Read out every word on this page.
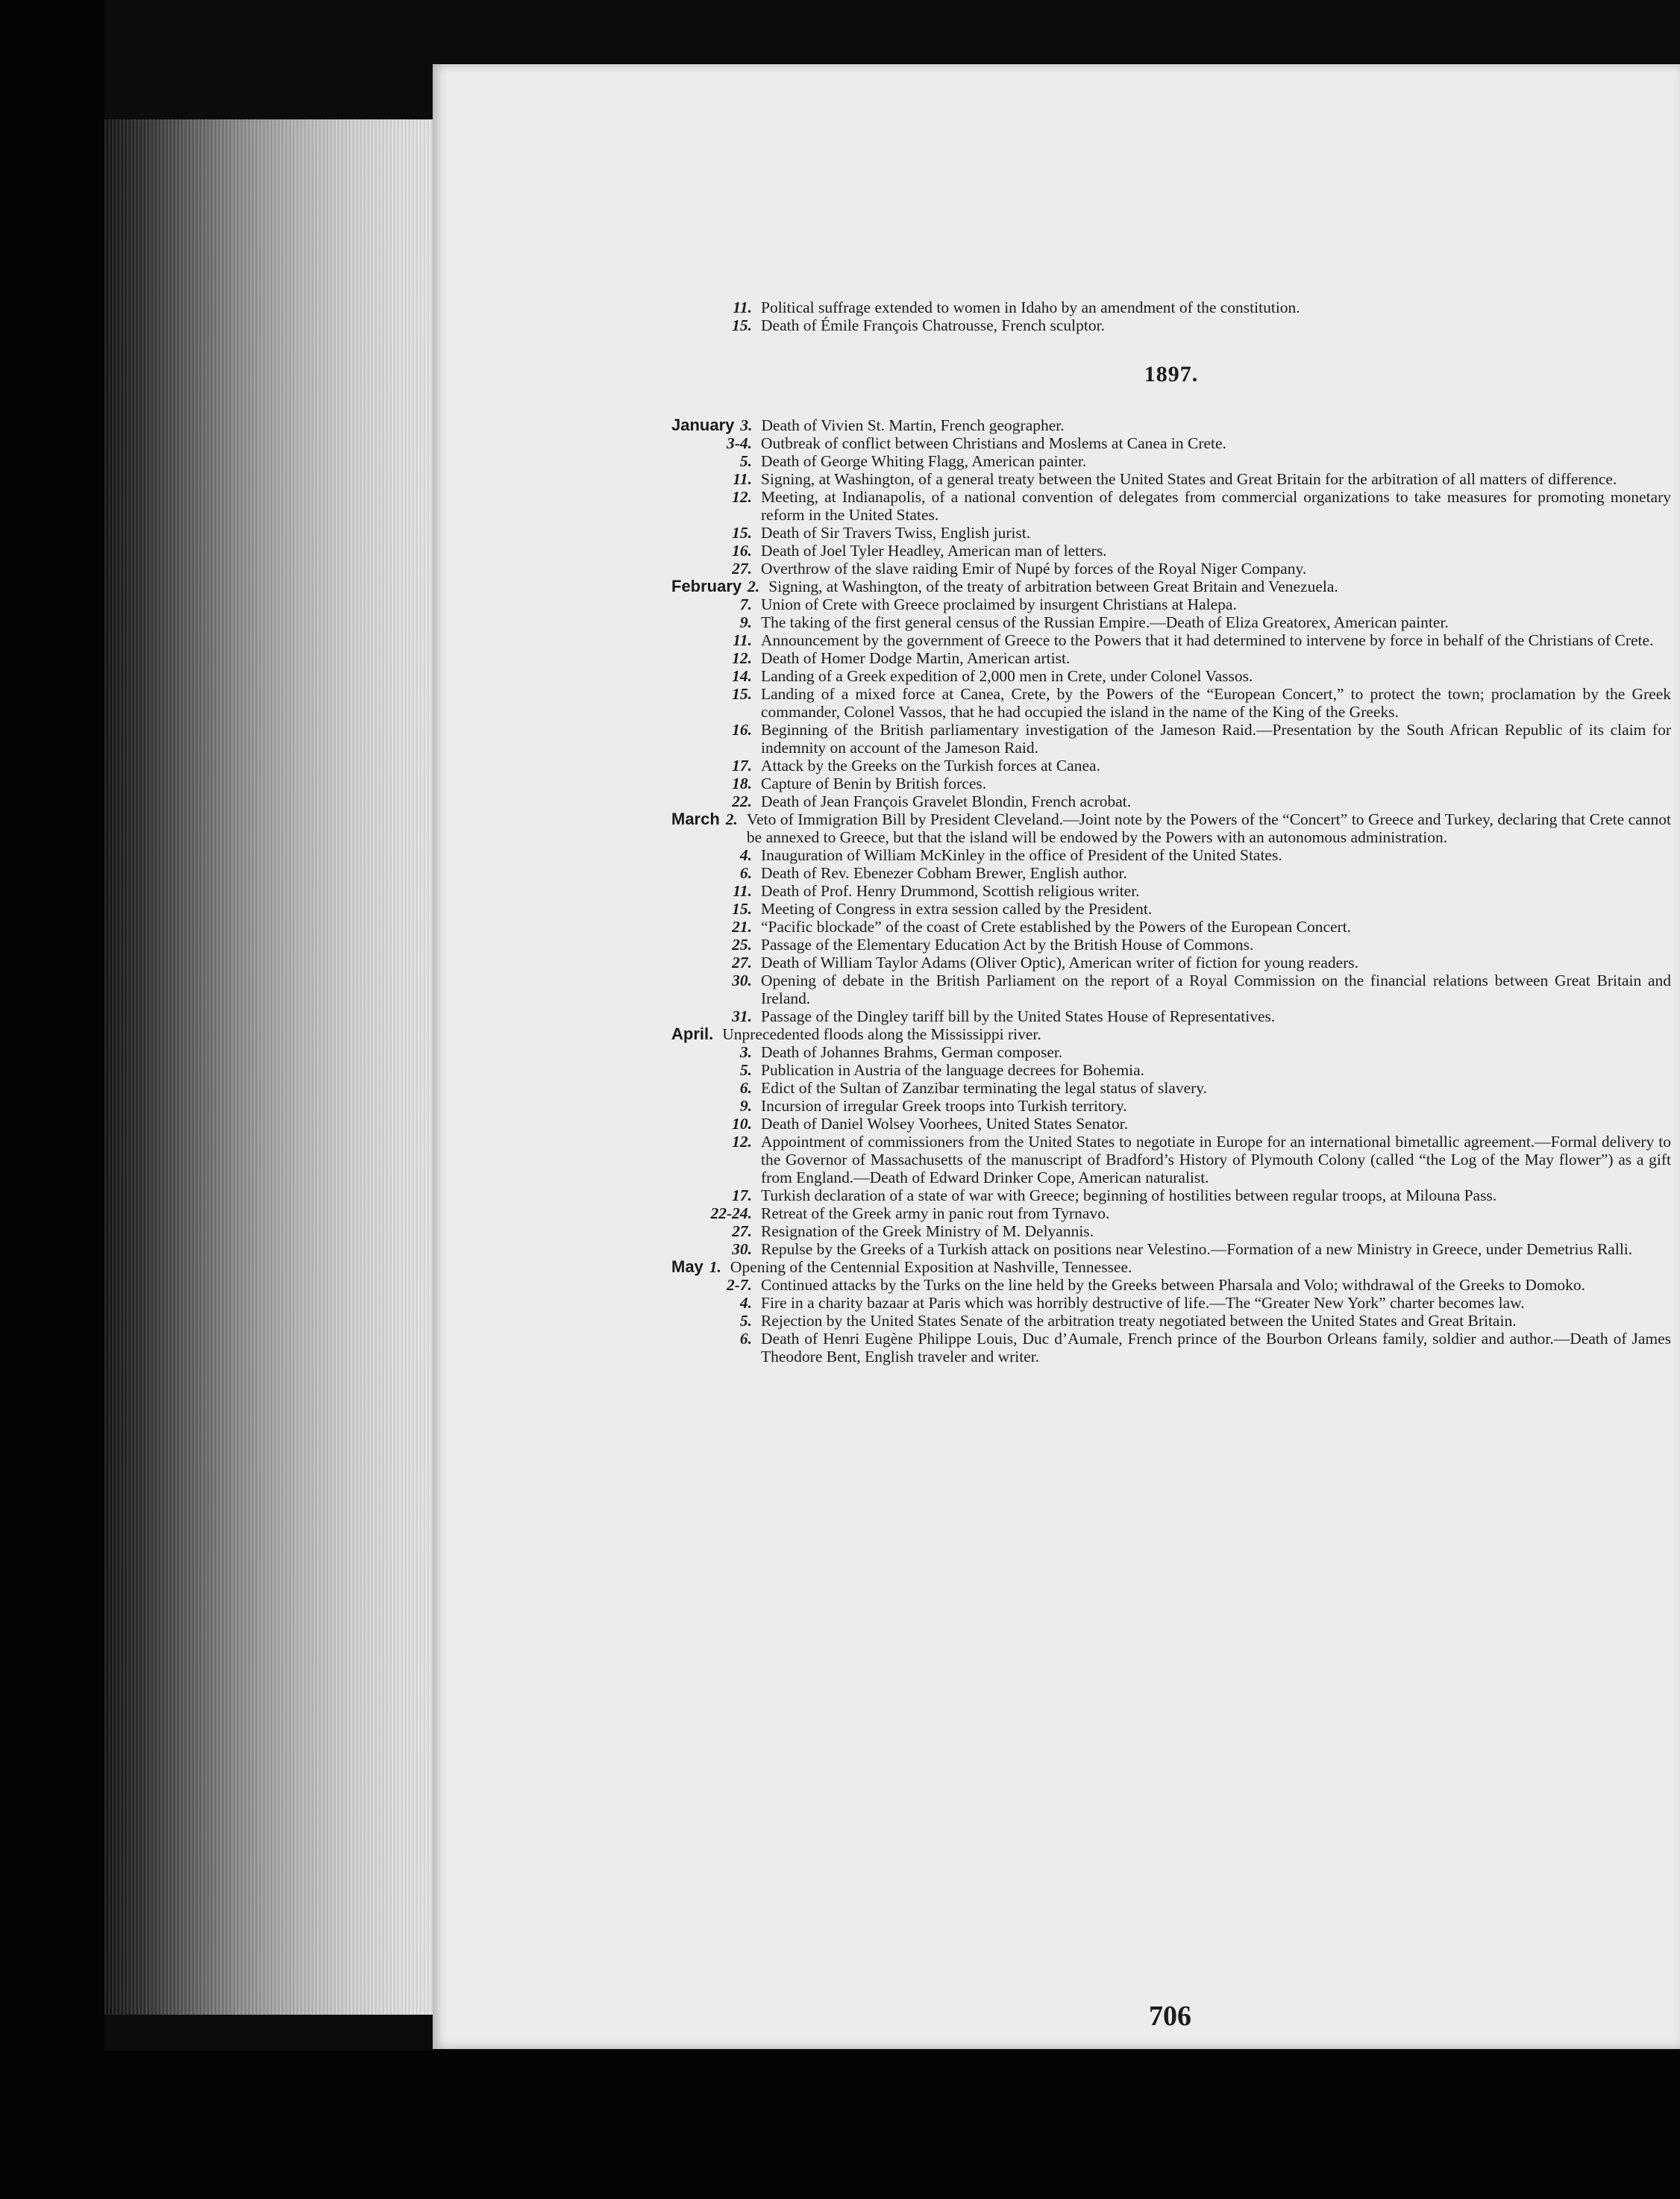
11. Political suffrage extended to women in Idaho by an amendment of the constitution.
15. Death of Émile François Chatrousse, French sculptor.
1897.
January 3. Death of Vivien St. Martin, French geographer.
3-4. Outbreak of conflict between Christians and Moslems at Canea in Crete.
5. Death of George Whiting Flagg, American painter.
11. Signing, at Washington, of a general treaty between the United States and Great Britain for the arbitration of all matters of difference.
12. Meeting, at Indianapolis, of a national convention of delegates from commercial organizations to take measures for promoting monetary reform in the United States.
15. Death of Sir Travers Twiss, English jurist.
16. Death of Joel Tyler Headley, American man of letters.
27. Overthrow of the slave raiding Emir of Nupé by forces of the Royal Niger Company.
February 2. Signing, at Washington, of the treaty of arbitration between Great Britain and Venezuela.
7. Union of Crete with Greece proclaimed by insurgent Christians at Halepa.
9. The taking of the first general census of the Russian Empire.—Death of Eliza Greatorex, American painter.
11. Announcement by the government of Greece to the Powers that it had determined to intervene by force in behalf of the Christians of Crete.
12. Death of Homer Dodge Martin, American artist.
14. Landing of a Greek expedition of 2,000 men in Crete, under Colonel Vassos.
15. Landing of a mixed force at Canea, Crete, by the Powers of the “European Concert,” to protect the town; proclamation by the Greek commander, Colonel Vassos, that he had occupied the island in the name of the King of the Greeks.
16. Beginning of the British parliamentary investigation of the Jameson Raid.—Presentation by the South African Republic of its claim for indemnity on account of the Jameson Raid.
17. Attack by the Greeks on the Turkish forces at Canea.
18. Capture of Benin by British forces.
22. Death of Jean François Gravelet Blondin, French acrobat.
March 2. Veto of Immigration Bill by President Cleveland.—Joint note by the Powers of the “Concert” to Greece and Turkey, declaring that Crete cannot be annexed to Greece, but that the island will be endowed by the Powers with an autonomous administration.
4. Inauguration of William McKinley in the office of President of the United States.
6. Death of Rev. Ebenezer Cobham Brewer, English author.
11. Death of Prof. Henry Drummond, Scottish religious writer.
15. Meeting of Congress in extra session called by the President.
21. “Pacific blockade” of the coast of Crete established by the Powers of the European Concert.
25. Passage of the Elementary Education Act by the British House of Commons.
27. Death of William Taylor Adams (Oliver Optic), American writer of fiction for young readers.
30. Opening of debate in the British Parliament on the report of a Royal Commission on the financial relations between Great Britain and Ireland.
31. Passage of the Dingley tariff bill by the United States House of Representatives.
April. Unprecedented floods along the Mississippi river.
3. Death of Johannes Brahms, German composer.
5. Publication in Austria of the language decrees for Bohemia.
6. Edict of the Sultan of Zanzibar terminating the legal status of slavery.
9. Incursion of irregular Greek troops into Turkish territory.
10. Death of Daniel Wolsey Voorhees, United States Senator.
12. Appointment of commissioners from the United States to negotiate in Europe for an international bimetallic agreement.—Formal delivery to the Governor of Massachusetts of the manuscript of Bradford’s History of Plymouth Colony (called “the Log of the May flower”) as a gift from England.—Death of Edward Drinker Cope, American naturalist.
17. Turkish declaration of a state of war with Greece; beginning of hostilities between regular troops, at Milouna Pass.
22-24. Retreat of the Greek army in panic rout from Tyrnavo.
27. Resignation of the Greek Ministry of M. Delyannis.
30. Repulse by the Greeks of a Turkish attack on positions near Velestino.—Formation of a new Ministry in Greece, under Demetrius Ralli.
May 1. Opening of the Centennial Exposition at Nashville, Tennessee.
2-7. Continued attacks by the Turks on the line held by the Greeks between Pharsala and Volo; withdrawal of the Greeks to Domoko.
4. Fire in a charity bazaar at Paris which was horribly destructive of life.—The “Greater New York” charter becomes law.
5. Rejection by the United States Senate of the arbitration treaty negotiated between the United States and Great Britain.
6. Death of Henri Eugène Philippe Louis, Duc d’Aumale, French prince of the Bourbon Orleans family, soldier and author.—Death of James Theodore Bent, English traveler and writer.
706
